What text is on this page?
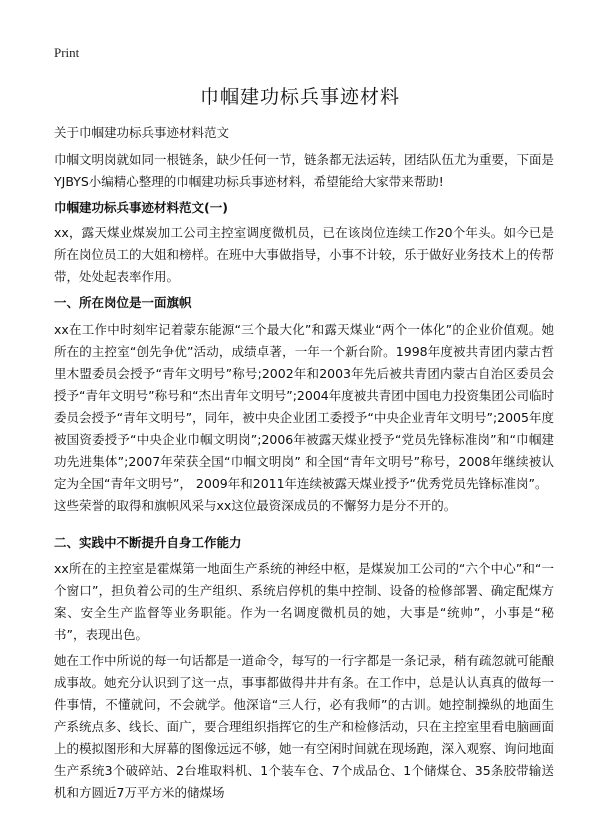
Print
巾帼建功标兵事迹材料

关于巾帼建功标兵事迹材料范文

巾帼文明岗就如同一根链条，缺少任何一节，链条都无法运转，团结队伍尤为重要，下面是YJBYS小编精心整理的巾帼建功标兵事迹材料，希望能给大家带来帮助!

巾帼建功标兵事迹材料范文(一)

xx，露天煤业煤炭加工公司主控室调度微机员，已在该岗位连续工作20个年头。如今已是所在岗位员工的大姐和榜样。在班中大事做指导，小事不计较，乐于做好业务技术上的传帮带，处处起表率作用。

一、所在岗位是一面旗帜

xx在工作中时刻牢记着蒙东能源“三个最大化”和露天煤业“两个一体化”的企业价值观。她所在的主控室“创先争优”活动，成绩卓著，一年一个新台阶。1998年度被共青团内蒙古哲里木盟委员会授予“青年文明号”称号;2002年和2003年先后被共青团内蒙古自治区委员会授予“青年文明号”称号和“杰出青年文明号”;2004年度被共青团中国电力投资集团公司临时委员会授予“青年文明号”，同年，被中央企业团工委授予“中央企业青年文明号”;2005年度被国资委授予“中央企业巾帼文明岗”;2006年被露天煤业授予“党员先锋标准岗”和“巾帼建功先进集体”;2007年荣获全国“巾帼文明岗” 和全国“青年文明号”称号，2008年继续被认定为全国“青年文明号”， 2009年和2011年连续被露天煤业授予“优秀党员先锋标准岗”。

这些荣誉的取得和旗帜风采与xx这位最资深成员的不懈努力是分不开的。

二、实践中不断提升自身工作能力

xx所在的主控室是霍煤第一地面生产系统的神经中枢，是煤炭加工公司的“六个中心”和“一个窗口”，担负着公司的生产组织、系统启停机的集中控制、设备的检修部署、确定配煤方案、安全生产监督等业务职能。作为一名调度微机员的她，大事是“统帅”，小事是“秘书”，表现出色。

她在工作中所说的每一句话都是一道命令，每写的一行字都是一条记录，稍有疏忽就可能酿成事故。她充分认识到了这一点，事事都做得井井有条。在工作中，总是认认真真的做每一件事情，不懂就问，不会就学。他深谙“三人行，必有我师”的古训。她控制操纵的地面生产系统点多、线长、面广，要合理组织指挥它的生产和检修活动，只在主控室里看电脑画面上的模拟图形和大屏幕的图像远远不够，她一有空闲时间就在现场跑，深入观察、询问地面生产系统3个破碎站、2台堆取料机、1个装车仓、7个成品仓、1个储煤仓、35条胶带输送机和方圆近7万平方米的储煤场
